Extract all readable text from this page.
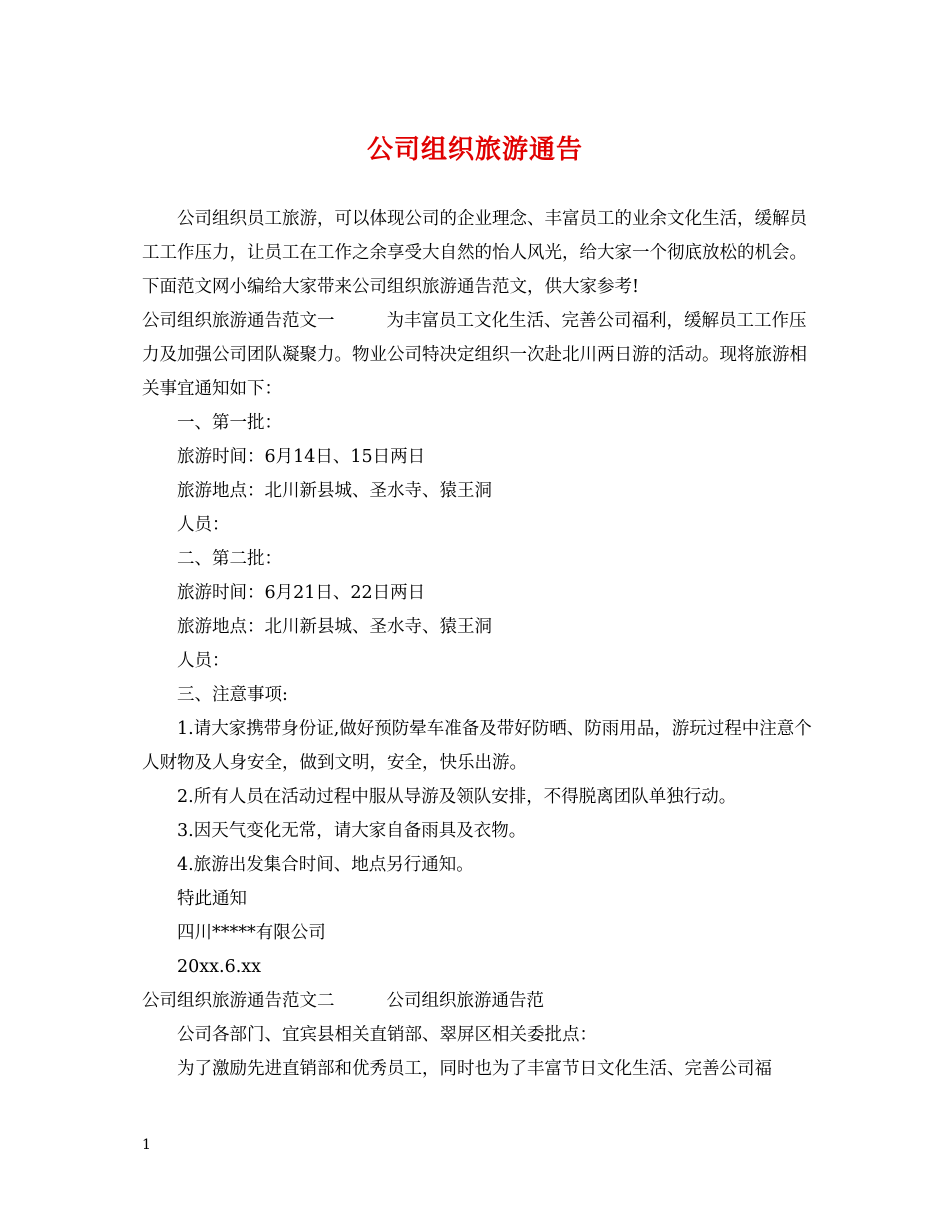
公司组织旅游通告

公司组织员工旅游，可以体现公司的企业理念、丰富员工的业余文化生活，缓解员工工作压力，让员工在工作之余享受大自然的怡人风光，给大家一个彻底放松的机会。下面范文网小编给大家带来公司组织旅游通告范文，供大家参考!

公司组织旅游通告范文一	为丰富员工文化生活、完善公司福利，缓解员工工作压力及加强公司团队凝聚力。物业公司特决定组织一次赴北川两日游的活动。现将旅游相关事宜通知如下：

一、第一批：

旅游时间：6月14日、15日两日

旅游地点：北川新县城、圣水寺、猿王洞

人员：

二、第二批：

旅游时间：6月21日、22日两日

旅游地点：北川新县城、圣水寺、猿王洞

人员：

三、注意事项:

1.请大家携带身份证,做好预防晕车准备及带好防晒、防雨用品，游玩过程中注意个人财物及人身安全，做到文明，安全，快乐出游。

2.所有人员在活动过程中服从导游及领队安排，不得脱离团队单独行动。

3.因天气变化无常，请大家自备雨具及衣物。

4.旅游出发集合时间、地点另行通知。

特此通知

四川*****有限公司

20xx.6.xx

公司组织旅游通告范文二	公司组织旅游通告范

公司各部门、宜宾县相关直销部、翠屏区相关委批点：

为了激励先进直销部和优秀员工，同时也为了丰富节日文化生活、完善公司福

1
